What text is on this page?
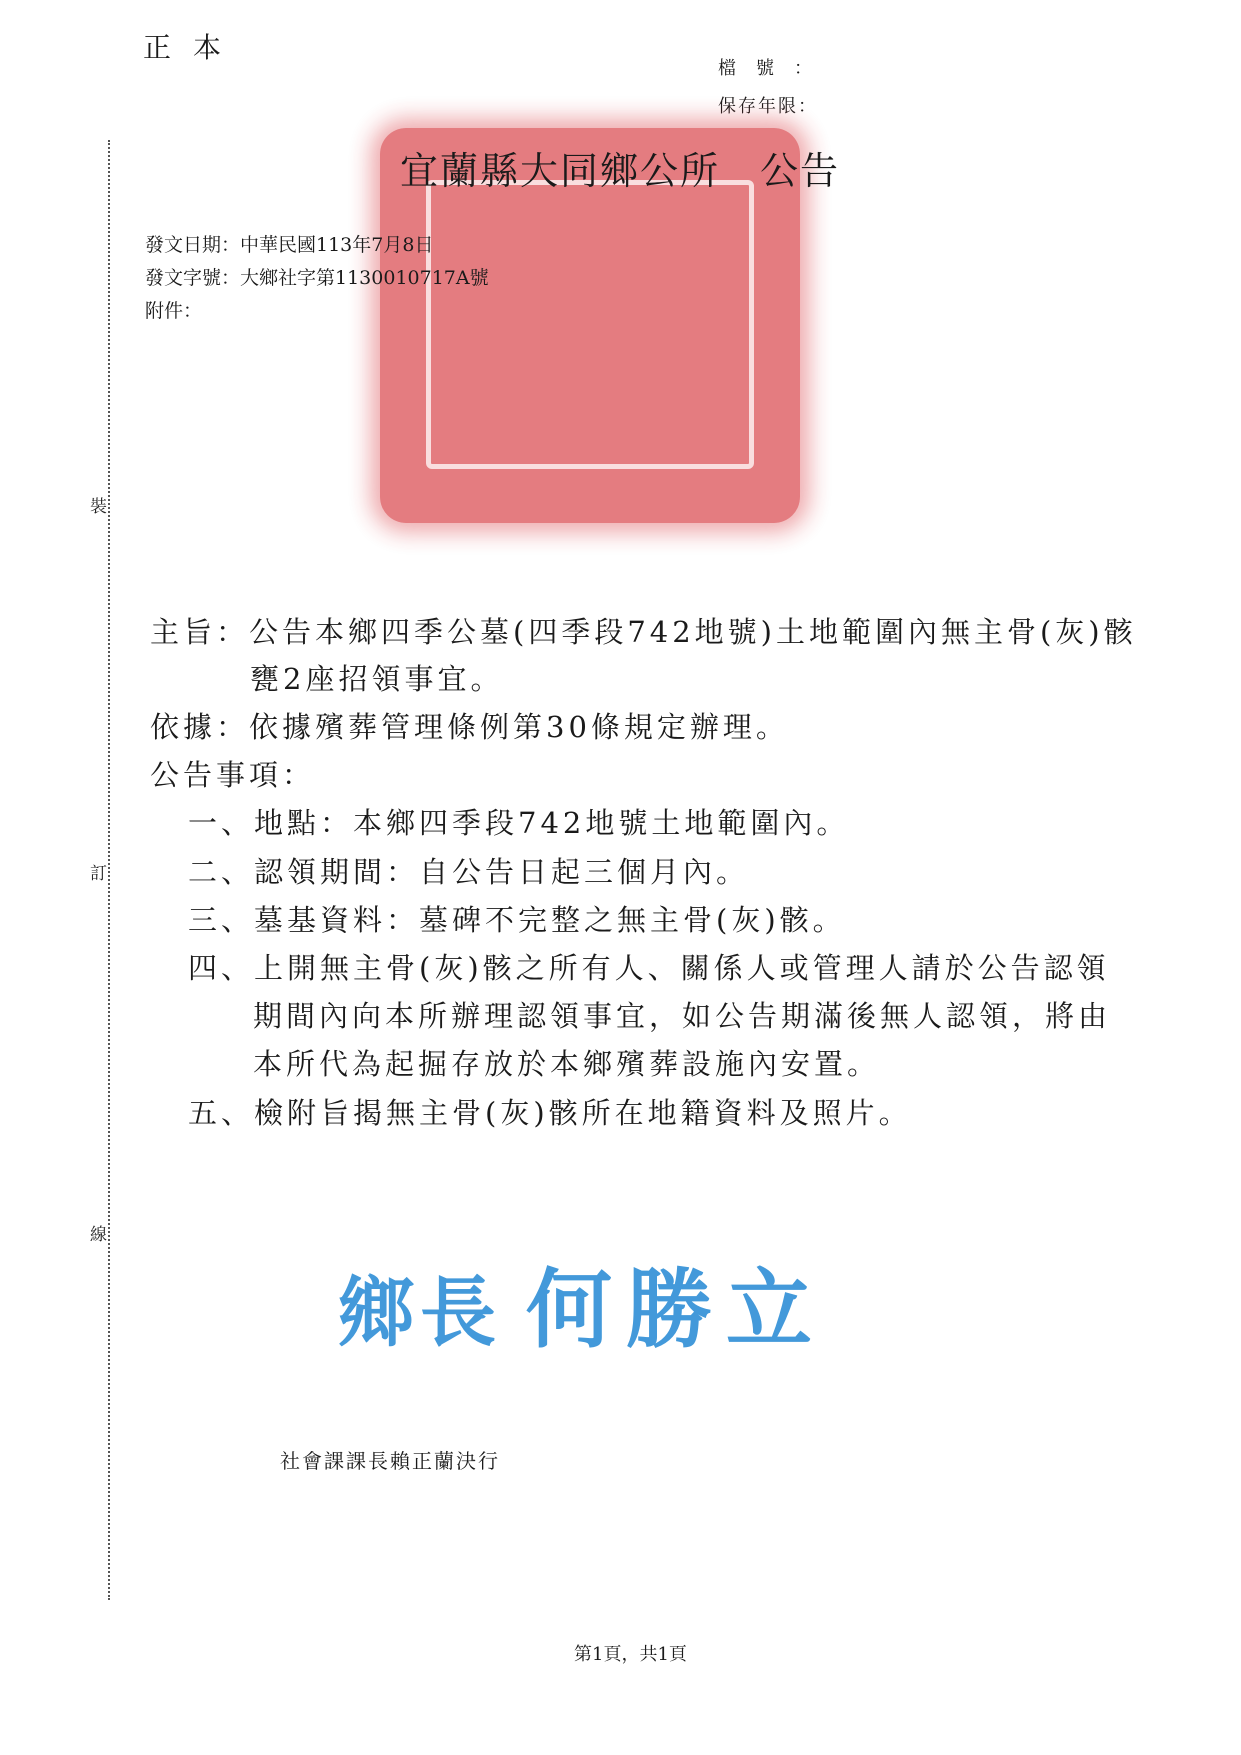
正本
檔號：
保存年限：
裝
訂
線
宜蘭縣大同鄉公所　公告
發文日期：中華民國113年7月8日
發文字號：大鄉社字第1130010717A號
附件：
主旨：公告本鄉四季公墓(四季段742地號)土地範圍內無主骨(灰)骸
甕2座招領事宜。
依據：依據殯葬管理條例第30條規定辦理。
公告事項：
一、地點：本鄉四季段742地號土地範圍內。
二、認領期間：自公告日起三個月內。
三、墓基資料：墓碑不完整之無主骨(灰)骸。
四、上開無主骨(灰)骸之所有人、關係人或管理人請於公告認領
期間內向本所辦理認領事宜，如公告期滿後無人認領，將由
本所代為起掘存放於本鄉殯葬設施內安置。
五、檢附旨揭無主骨(灰)骸所在地籍資料及照片。
鄉長 何勝立
社會課課長賴正蘭決行
第1頁，共1頁
